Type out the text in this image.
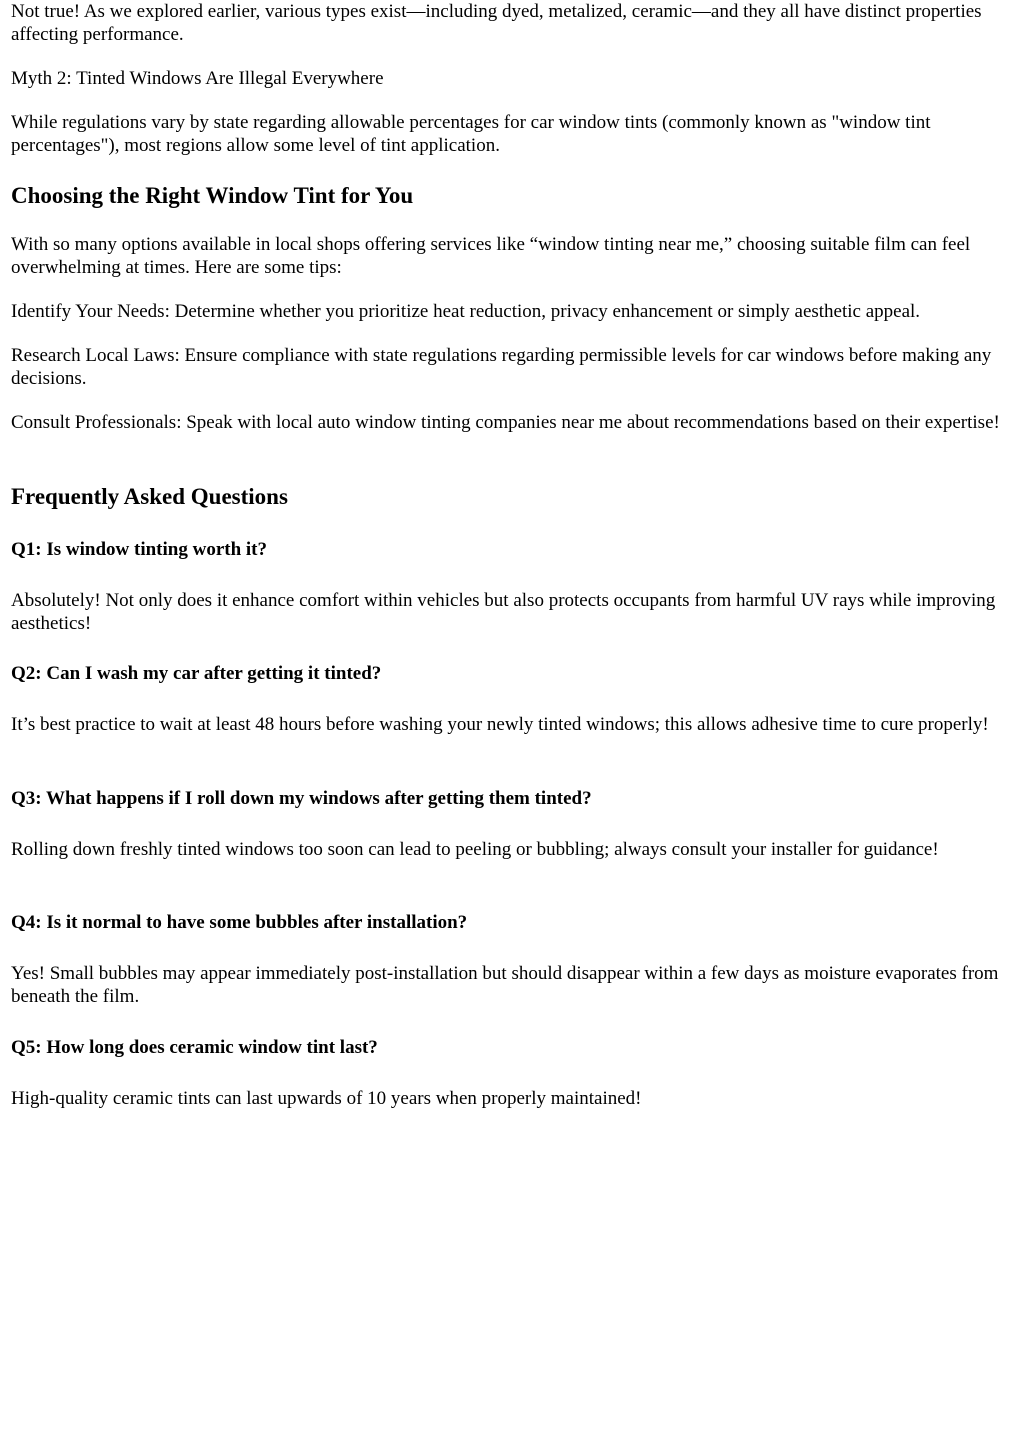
Not true! As we explored earlier, various types exist—including dyed, metalized, ceramic—and they all have distinct properties affecting performance.

Myth 2: Tinted Windows Are Illegal Everywhere

While regulations vary by state regarding allowable percentages for car window tints (commonly known as "window tint percentages"), most regions allow some level of tint application.

Choosing the Right Window Tint for You

With so many options available in local shops offering services like “window tinting near me,” choosing suitable film can feel overwhelming at times. Here are some tips:

Identify Your Needs: Determine whether you prioritize heat reduction, privacy enhancement or simply aesthetic appeal.

Research Local Laws: Ensure compliance with state regulations regarding permissible levels for car windows before making any decisions.

Consult Professionals: Speak with local auto window tinting companies near me about recommendations based on their expertise!

Frequently Asked Questions
Q1: Is window tinting worth it?

Absolutely! Not only does it enhance comfort within vehicles but also protects occupants from harmful UV rays while improving aesthetics!

Q2: Can I wash my car after getting it tinted?

It’s best practice to wait at least 48 hours before washing your newly tinted windows; this allows adhesive time to cure properly!

Q3: What happens if I roll down my windows after getting them tinted?

Rolling down freshly tinted windows too soon can lead to peeling or bubbling; always consult your installer for guidance!

Q4: Is it normal to have some bubbles after installation?

Yes! Small bubbles may appear immediately post-installation but should disappear within a few days as moisture evaporates from beneath the film.

Q5: How long does ceramic window tint last?

High-quality ceramic tints can last upwards of 10 years when properly maintained!
